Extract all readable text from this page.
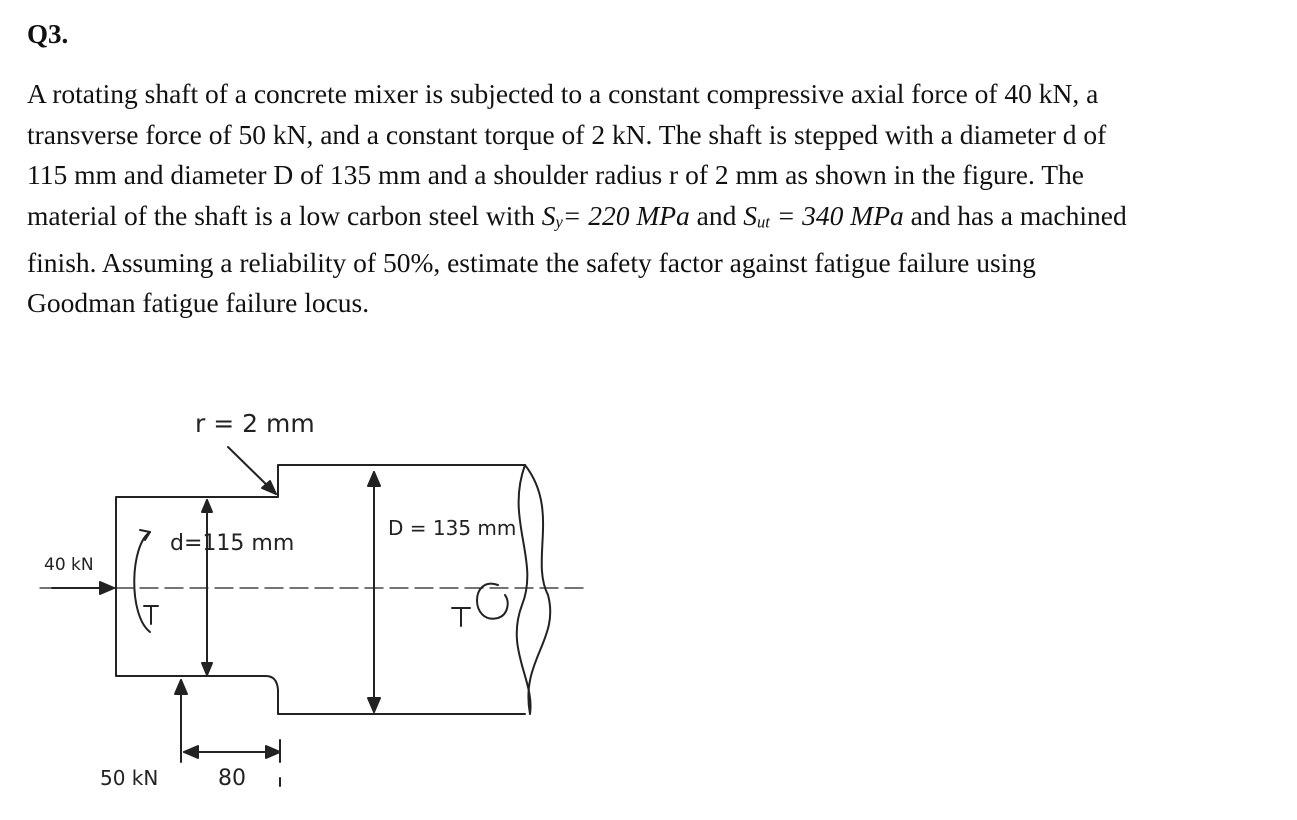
Q3.
A rotating shaft of a concrete mixer is subjected to a constant compressive axial force of 40 kN, a
transverse force of 50 kN, and a constant torque of 2 kN. The shaft is stepped with a diameter d of
115 mm and diameter D of 135 mm and a shoulder radius r of 2 mm as shown in the figure. The
material of the shaft is a low carbon steel with $S_y= 220$ MPa and $S_{ut} = 340$ MPa and has a machined
finish. Assuming a reliability of 50%, estimate the safety factor against fatigue failure using
Goodman fatigue failure locus.
r = 2 mm
d=115 mm
D = 135 mm
40 kN
50 kN	80
